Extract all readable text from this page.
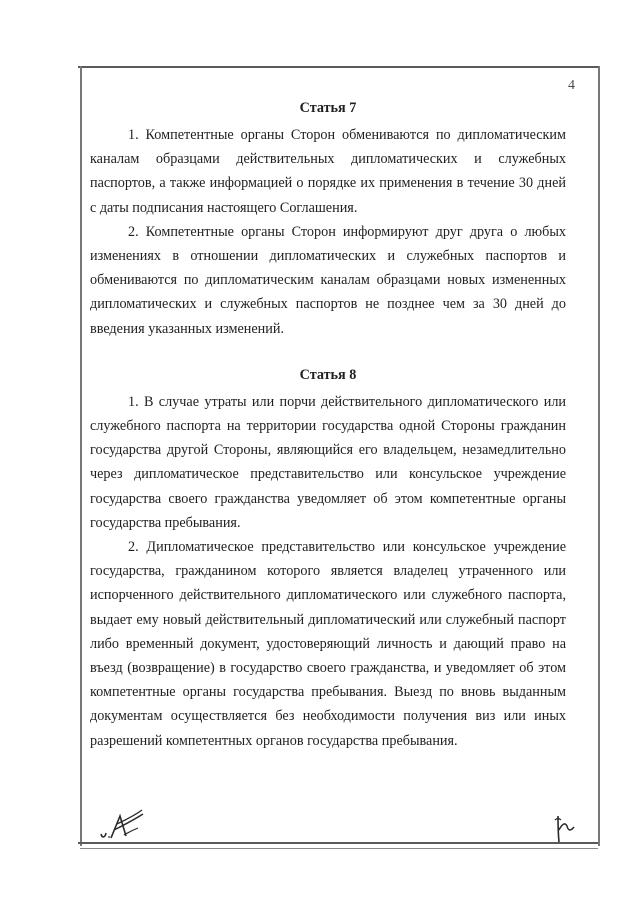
4
Статья 7

1. Компетентные органы Сторон обмениваются по дипломатическим каналам образцами действительных дипломатических и служебных паспортов, а также информацией о порядке их применения в течение 30 дней с даты подписания настоящего Соглашения.

2. Компетентные органы Сторон информируют друг друга о любых изменениях в отношении дипломатических и служебных паспортов и обмениваются по дипломатическим каналам образцами новых измененных дипломатических и служебных паспортов не позднее чем за 30 дней до введения указанных изменений.

Статья 8

1. В случае утраты или порчи действительного дипломатического или служебного паспорта на территории государства одной Стороны гражданин государства другой Стороны, являющийся его владельцем, незамедлительно через дипломатическое представительство или консульское учреждение государства своего гражданства уведомляет об этом компетентные органы государства пребывания.

2. Дипломатическое представительство или консульское учреждение государства, гражданином которого является владелец утраченного или испорченного действительного дипломатического или служебного паспорта, выдает ему новый действительный дипломатический или служебный паспорт либо временный документ, удостоверяющий личность и дающий право на въезд (возвращение) в государство своего гражданства, и уведомляет об этом компетентные органы государства пребывания. Выезд по вновь выданным документам осуществляется без необходимости получения виз или иных разрешений компетентных органов государства пребывания.
